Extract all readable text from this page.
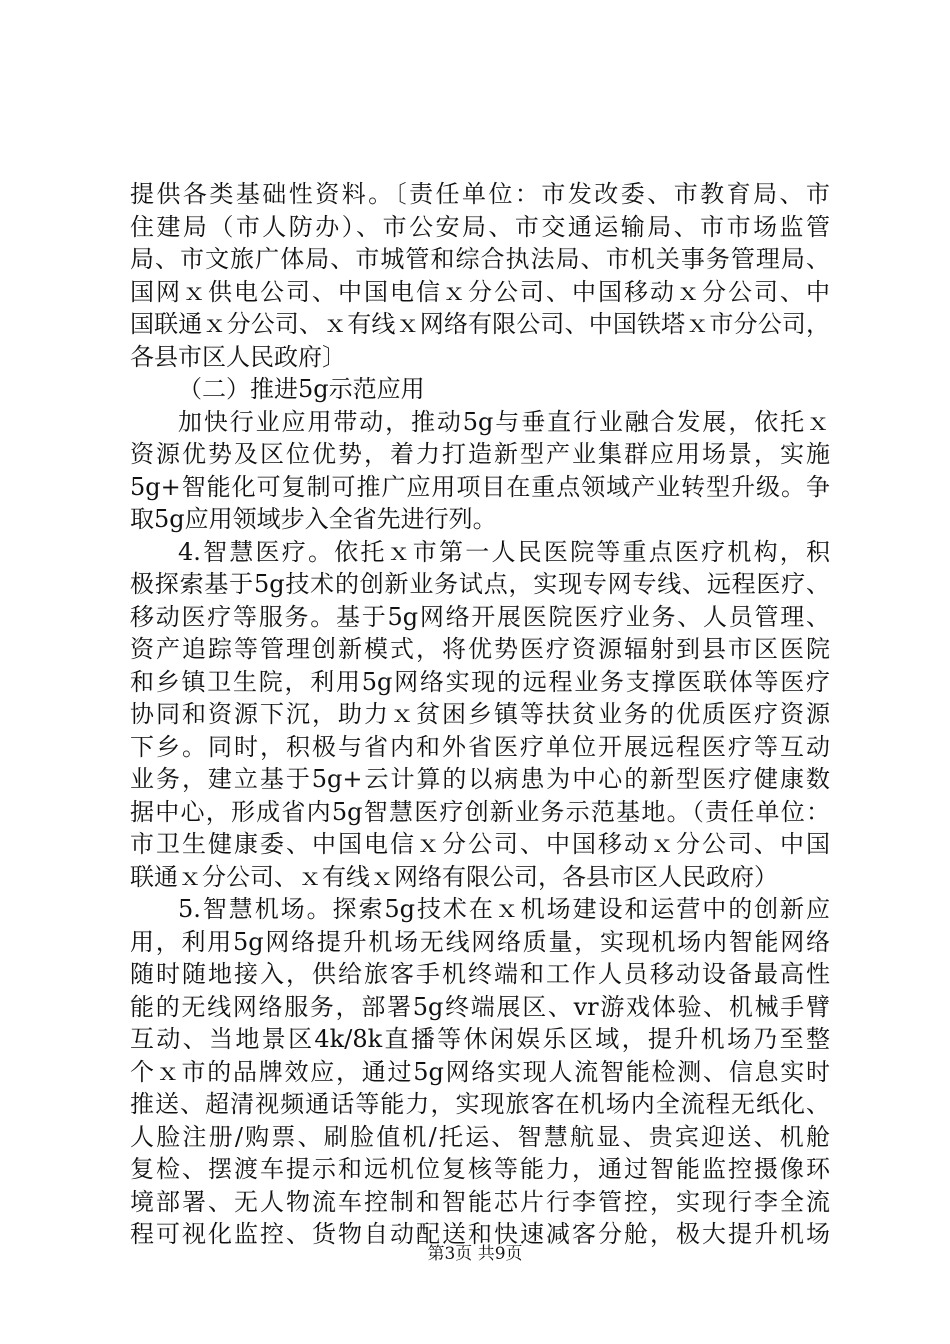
提供各类基础性资料。〔责任单位：市发改委、市教育局、市
住建局（市人防办）、市公安局、市交通运输局、市市场监管
局、市文旅广体局、市城管和综合执法局、市机关事务管理局、
国网ｘ供电公司、中国电信ｘ分公司、中国移动ｘ分公司、中
国联通ｘ分公司、ｘ有线ｘ网络有限公司、中国铁塔ｘ市分公司，
各县市区人民政府〕
（二）推进5g示范应用
加快行业应用带动，推动5g与垂直行业融合发展，依托ｘ
资源优势及区位优势，着力打造新型产业集群应用场景，实施
5g+智能化可复制可推广应用项目在重点领域产业转型升级。争
取5g应用领域步入全省先进行列。
4.智慧医疗。依托ｘ市第一人民医院等重点医疗机构，积
极探索基于5g技术的创新业务试点，实现专网专线、远程医疗、
移动医疗等服务。基于5g网络开展医院医疗业务、人员管理、
资产追踪等管理创新模式，将优势医疗资源辐射到县市区医院
和乡镇卫生院，利用5g网络实现的远程业务支撑医联体等医疗
协同和资源下沉，助力ｘ贫困乡镇等扶贫业务的优质医疗资源
下乡。同时，积极与省内和外省医疗单位开展远程医疗等互动
业务，建立基于5g+云计算的以病患为中心的新型医疗健康数
据中心，形成省内5g智慧医疗创新业务示范基地。（责任单位：
市卫生健康委、中国电信ｘ分公司、中国移动ｘ分公司、中国
联通ｘ分公司、ｘ有线ｘ网络有限公司，各县市区人民政府）
5.智慧机场。探索5g技术在ｘ机场建设和运营中的创新应
用，利用5g网络提升机场无线网络质量，实现机场内智能网络
随时随地接入，供给旅客手机终端和工作人员移动设备最高性
能的无线网络服务，部署5g终端展区、vr游戏体验、机械手臂
互动、当地景区4k/8k直播等休闲娱乐区域，提升机场乃至整
个ｘ市的品牌效应，通过5g网络实现人流智能检测、信息实时
推送、超清视频通话等能力，实现旅客在机场内全流程无纸化、
人脸注册/购票、刷脸值机/托运、智慧航显、贵宾迎送、机舱
复检、摆渡车提示和远机位复核等能力，通过智能监控摄像环
境部署、无人物流车控制和智能芯片行李管控，实现行李全流
程可视化监控、货物自动配送和快速减客分舱，极大提升机场
第3页 共9页
